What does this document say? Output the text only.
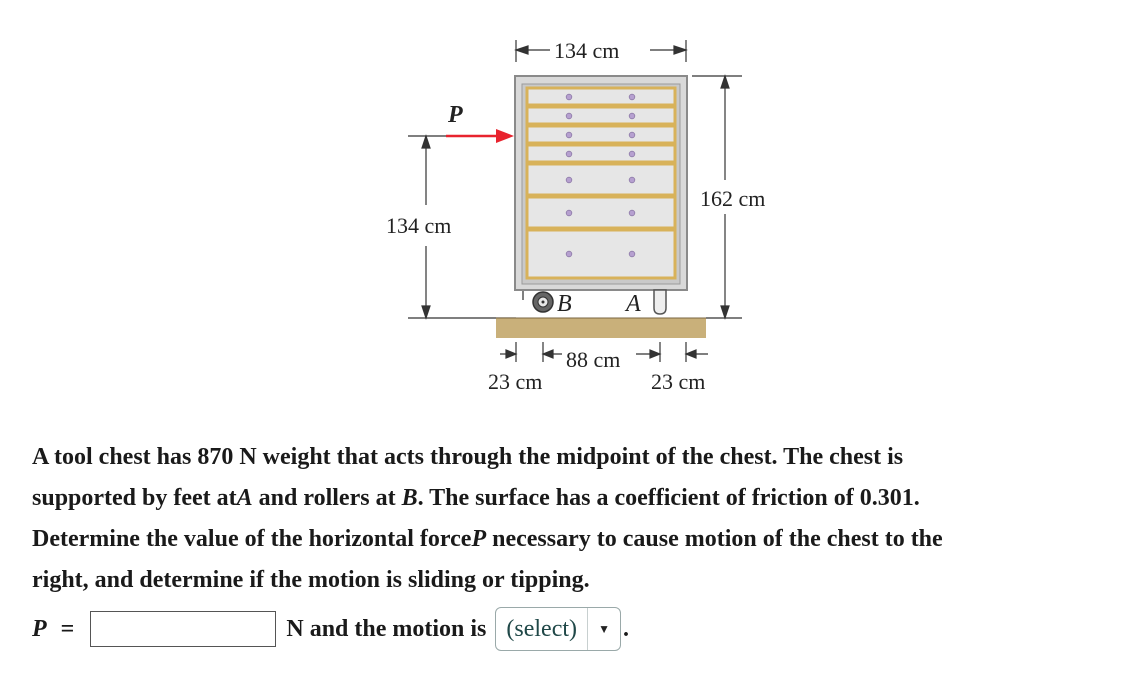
134 cm
P
134 cm
162 cm
B A
88 cm
23 cm	23 cm
A tool chest has 870 N weight that acts through the midpoint of the chest. The chest is
supported by feet atA and rollers at B. The surface has a coefficient of friction of 0.301.
Determine the value of the horizontal forceP necessary to cause motion of the chest to the
right, and determine if the motion is sliding or tipping.
P =	N and the motion is (select)	▼ .
